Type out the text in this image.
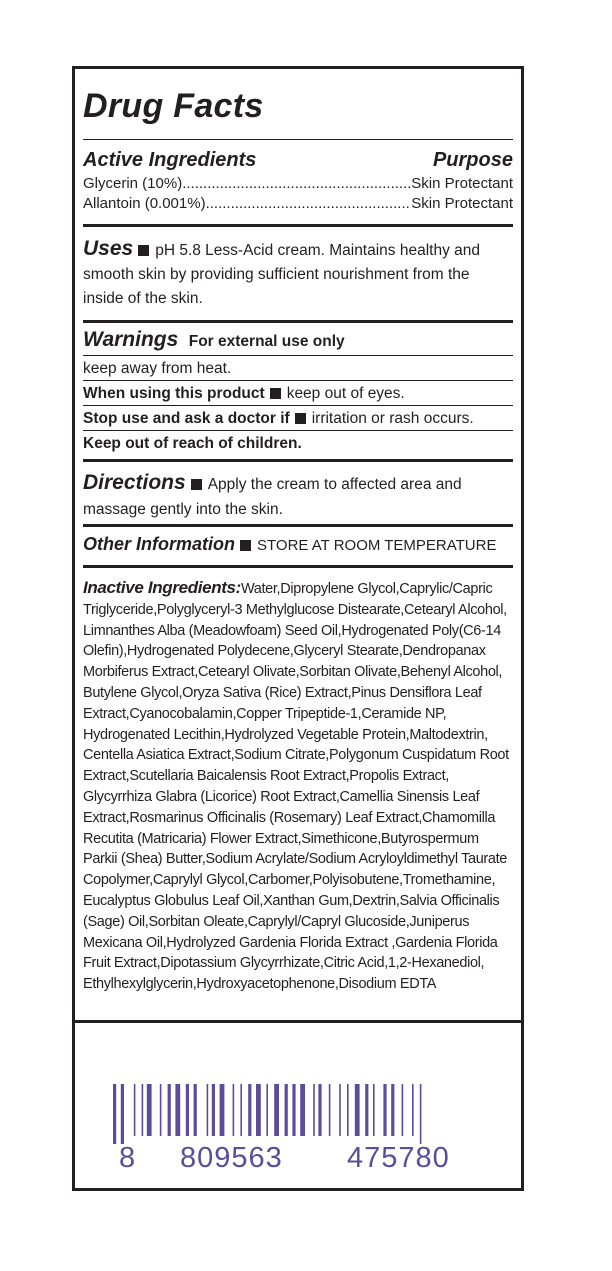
Drug Facts
Active Ingredients	Purpose
Glycerin (10%) .....	Skin Protectant
Allantoin (0.001%) .....	Skin Protectant
Uses pH 5.8 Less-Acid cream. Maintains healthy and smooth skin by providing sufficient nourishment from the inside of the skin.
Warnings For external use only
keep away from heat.
When using this product keep out of eyes.
Stop use and ask a doctor if irritation or rash occurs.
Keep out of reach of children.
Directions Apply the cream to affected area and massage gently into the skin.
Other Information STORE AT ROOM TEMPERATURE
Inactive Ingredients:Water,Dipropylene Glycol,Caprylic/Capric Triglyceride,Polyglyceryl-3 Methylglucose Distearate,Cetearyl Alcohol, Limnanthes Alba (Meadowfoam) Seed Oil,Hydrogenated Poly(C6-14 Olefin),Hydrogenated Polydecene,Glyceryl Stearate,Dendropanax Morbiferus Extract,Cetearyl Olivate,Sorbitan Olivate,Behenyl Alcohol, Butylene Glycol,Oryza Sativa (Rice) Extract,Pinus Densiflora Leaf Extract,Cyanocobalamin,Copper Tripeptide-1,Ceramide NP, Hydrogenated Lecithin,Hydrolyzed Vegetable Protein,Maltodextrin, Centella Asiatica Extract,Sodium Citrate,Polygonum Cuspidatum Root Extract,Scutellaria Baicalensis Root Extract,Propolis Extract, Glycyrrhiza Glabra (Licorice) Root Extract,Camellia Sinensis Leaf Extract,Rosmarinus Officinalis (Rosemary) Leaf Extract,Chamomilla Recutita (Matricaria) Flower Extract,Simethicone,Butyrospermum Parkii (Shea) Butter,Sodium Acrylate/Sodium Acryloyldimethyl Taurate Copolymer,Caprylyl Glycol,Carbomer,Polyisobutene,Tromethamine, Eucalyptus Globulus Leaf Oil,Xanthan Gum,Dextrin,Salvia Officinalis (Sage) Oil,Sorbitan Oleate,Caprylyl/Capryl Glucoside,Juniperus Mexicana Oil,Hydrolyzed Gardenia Florida Extract ,Gardenia Florida Fruit Extract,Dipotassium Glycyrrhizate,Citric Acid,1,2-Hexanediol, Ethylhexylglycerin,Hydroxyacetophenone,Disodium EDTA
8 809563 475780
